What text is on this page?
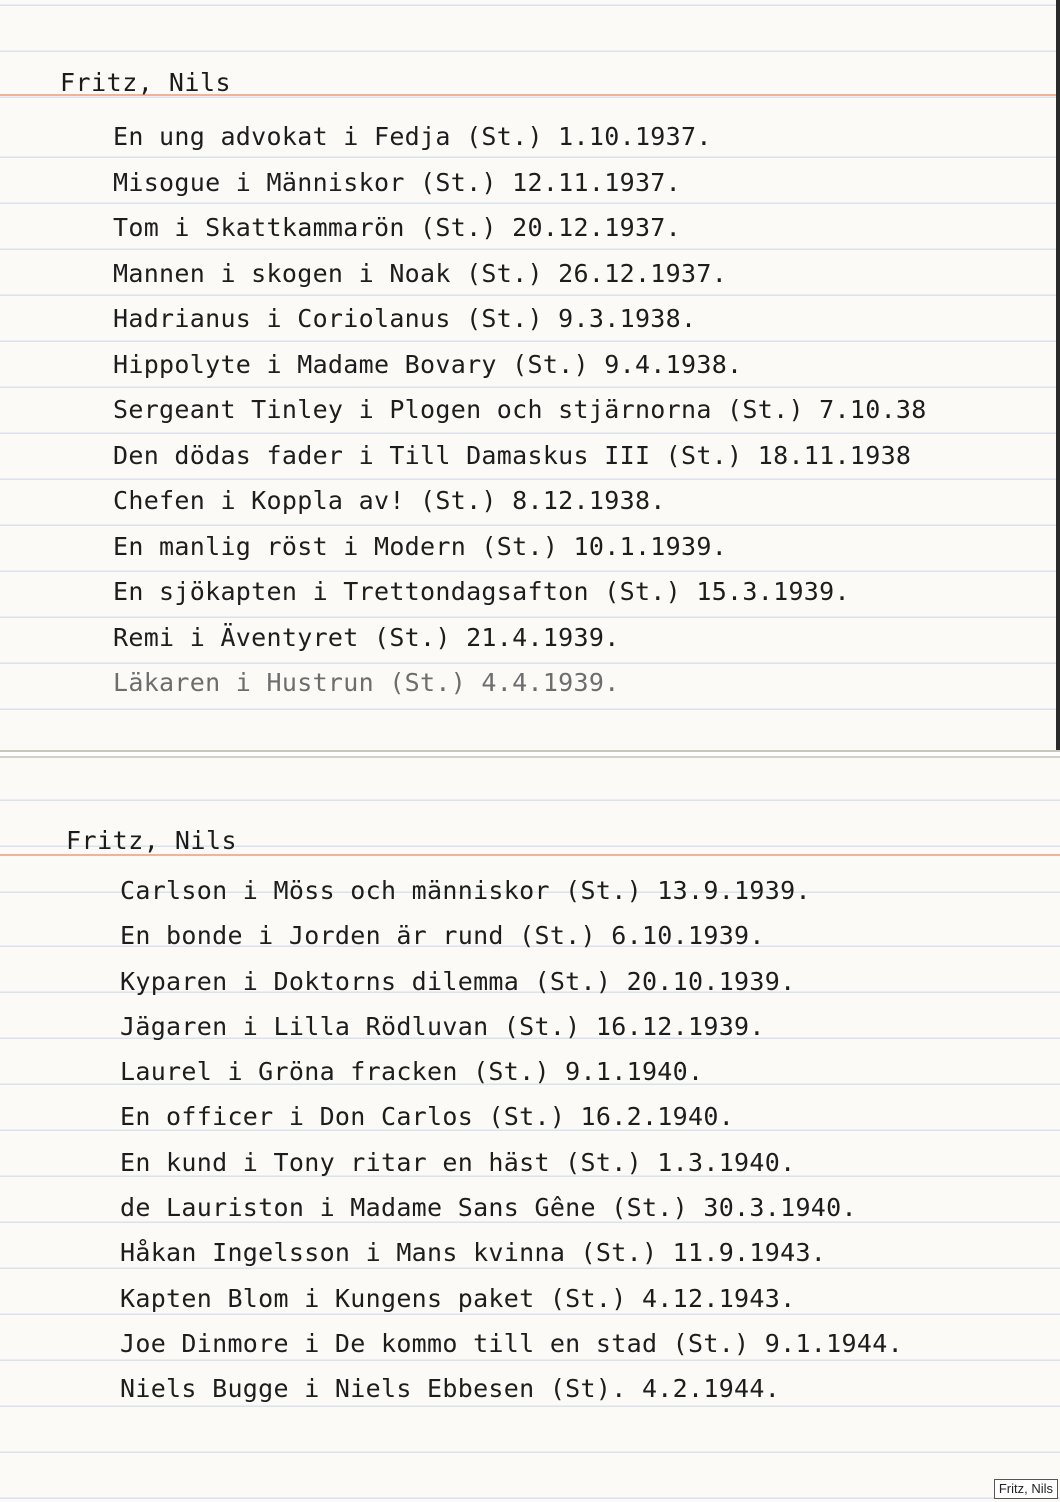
Fritz, Nils
En ung advokat i Fedja (St.) 1.10.1937.
Misogue i Människor (St.) 12.11.1937.
Tom i Skattkammarön (St.) 20.12.1937.
Mannen i skogen i Noak (St.) 26.12.1937.
Hadrianus i Coriolanus (St.) 9.3.1938.
Hippolyte i Madame Bovary (St.) 9.4.1938.
Sergeant Tinley i Plogen och stjärnorna (St.) 7.10.38
Den dödas fader i Till Damaskus III (St.) 18.11.1938
Chefen i Koppla av! (St.) 8.12.1938.
En manlig röst i Modern (St.) 10.1.1939.
En sjökapten i Trettondagsafton (St.) 15.3.1939.
Remi i Äventyret (St.) 21.4.1939.
Läkaren i Hustrun (St.) 4.4.1939.
Fritz, Nils
Carlson i Möss och människor (St.) 13.9.1939.
En bonde i Jorden är rund (St.) 6.10.1939.
Kyparen i Doktorns dilemma (St.) 20.10.1939.
Jägaren i Lilla Rödluvan (St.) 16.12.1939.
Laurel i Gröna fracken (St.) 9.1.1940.
En officer i Don Carlos (St.) 16.2.1940.
En kund i Tony ritar en häst (St.) 1.3.1940.
de Lauriston i Madame Sans Gêne (St.) 30.3.1940.
Håkan Ingelsson i Mans kvinna (St.) 11.9.1943.
Kapten Blom i Kungens paket (St.) 4.12.1943.
Joe Dinmore i De kommo till en stad (St.) 9.1.1944.
Niels Bugge i Niels Ebbesen (St). 4.2.1944.
Fritz, Nils
